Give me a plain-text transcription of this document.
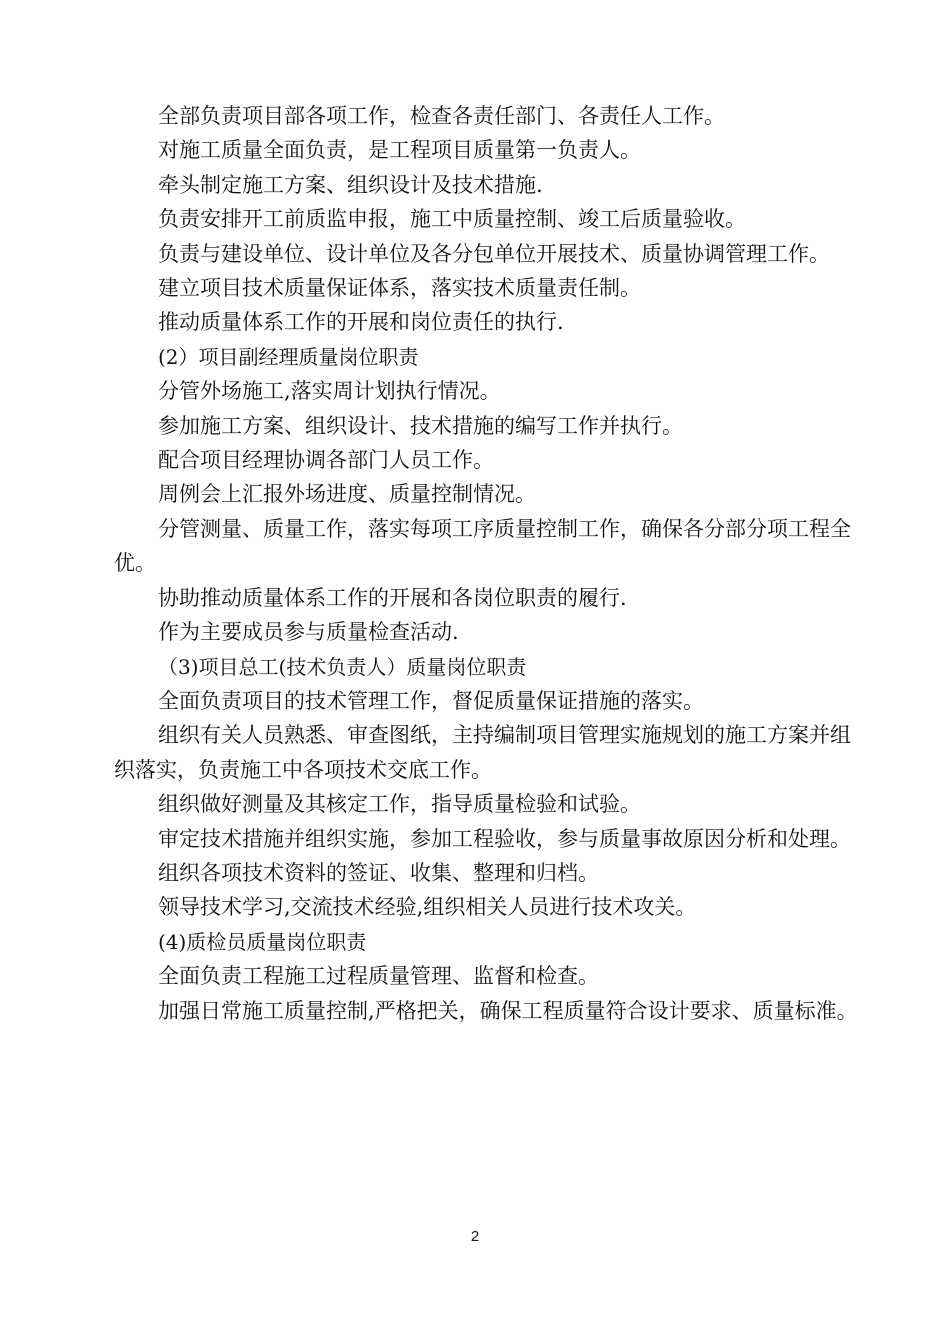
全部负责项目部各项工作，检查各责任部门、各责任人工作。

对施工质量全面负责，是工程项目质量第一负责人。

牵头制定施工方案、组织设计及技术措施.

负责安排开工前质监申报，施工中质量控制、竣工后质量验收。

负责与建设单位、设计单位及各分包单位开展技术、质量协调管理工作。

建立项目技术质量保证体系，落实技术质量责任制。

推动质量体系工作的开展和岗位责任的执行.

(2）项目副经理质量岗位职责

分管外场施工,落实周计划执行情况。

参加施工方案、组织设计、技术措施的编写工作并执行。

配合项目经理协调各部门人员工作。

周例会上汇报外场进度、质量控制情况。

分管测量、质量工作，落实每项工序质量控制工作，确保各分部分项工程全优。

协助推动质量体系工作的开展和各岗位职责的履行.

作为主要成员参与质量检查活动.

（3)项目总工(技术负责人）质量岗位职责

全面负责项目的技术管理工作，督促质量保证措施的落实。

组织有关人员熟悉、审查图纸，主持编制项目管理实施规划的施工方案并组织落实，负责施工中各项技术交底工作。

组织做好测量及其核定工作，指导质量检验和试验。

审定技术措施并组织实施，参加工程验收，参与质量事故原因分析和处理。

组织各项技术资料的签证、收集、整理和归档。

领导技术学习,交流技术经验,组织相关人员进行技术攻关。

(4)质检员质量岗位职责

全面负责工程施工过程质量管理、监督和检查。

加强日常施工质量控制,严格把关，确保工程质量符合设计要求、质量标准。

2
